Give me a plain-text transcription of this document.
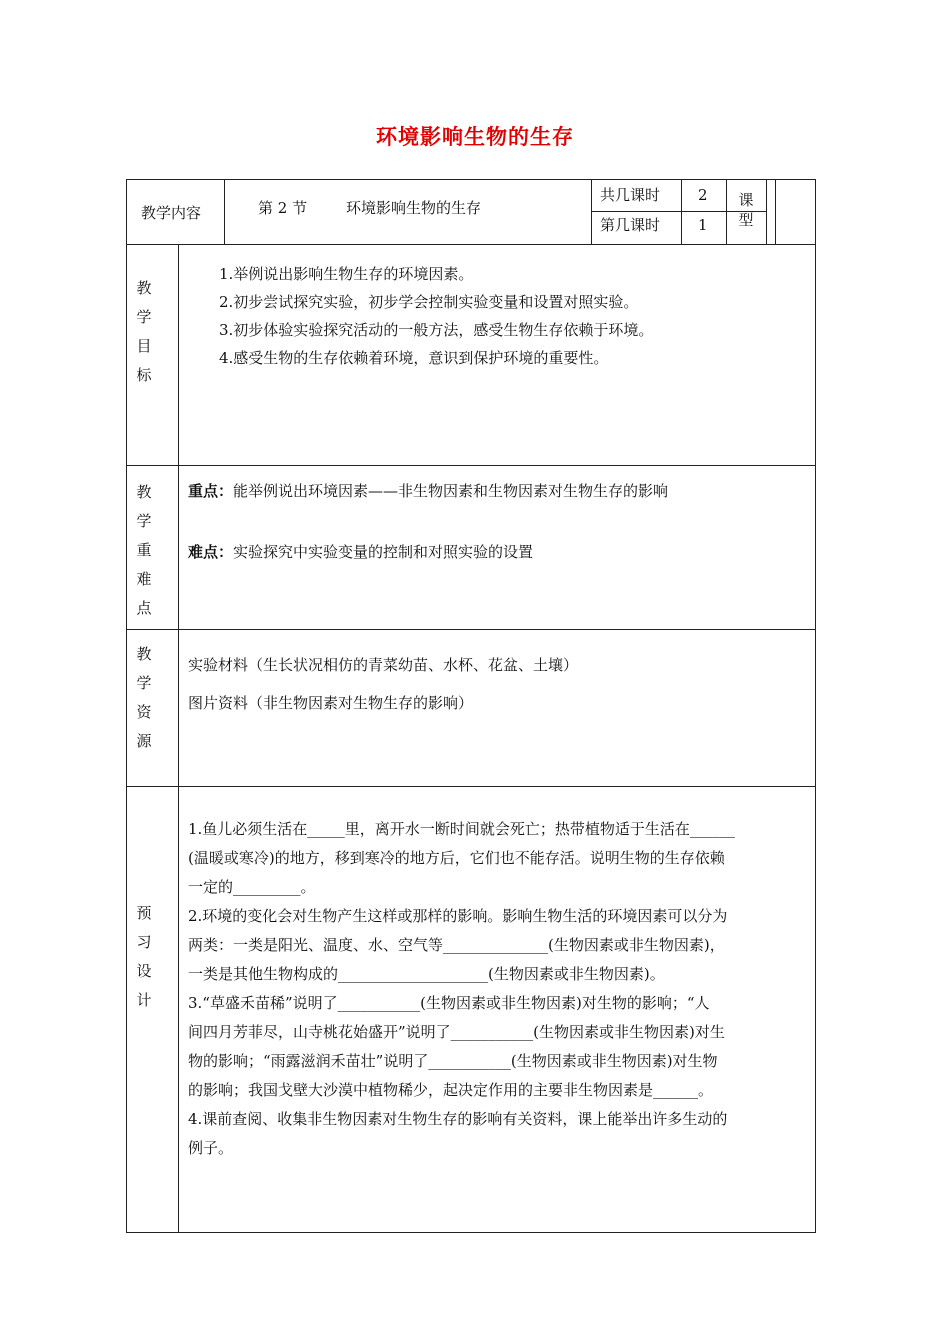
环境影响生物的生存
教学内容	第 2 节	环境影响生物的生存
共几课时	2
第几课时	1
课
型
教
学
目
标
1.举例说出影响生物生存的环境因素。
2.初步尝试探究实验，初步学会控制实验变量和设置对照实验。
3.初步体验实验探究活动的一般方法，感受生物生存依赖于环境。
4.感受生物的生存依赖着环境，意识到保护环境的重要性。
教
学
重
难
点
重点：能举例说出环境因素——非生物因素和生物因素对生物生存的影响
难点：实验探究中实验变量的控制和对照实验的设置
教
学
资
源
实验材料（生长状况相仿的青菜幼苗、水杯、花盆、土壤）
图片资料（非生物因素对生物生存的影响）
预
习
设
计
1.鱼儿必须生活在_____里，离开水一断时间就会死亡；热带植物适于生活在______
(温暖或寒冷)的地方，移到寒冷的地方后，它们也不能存活。说明生物的生存依赖
一定的_________。
2.环境的变化会对生物产生这样或那样的影响。影响生物生活的环境因素可以分为
两类：一类是阳光、温度、水、空气等______________(生物因素或非生物因素)，
一类是其他生物构成的____________________(生物因素或非生物因素)。
3.“草盛禾苗稀”说明了___________(生物因素或非生物因素)对生物的影响；“人
间四月芳菲尽，山寺桃花始盛开”说明了___________(生物因素或非生物因素)对生
物的影响；“雨露滋润禾苗壮”说明了___________(生物因素或非生物因素)对生物
的影响；我国戈壁大沙漠中植物稀少，起决定作用的主要非生物因素是______。
4.课前查阅、收集非生物因素对生物生存的影响有关资料，课上能举出许多生动的
例子。
